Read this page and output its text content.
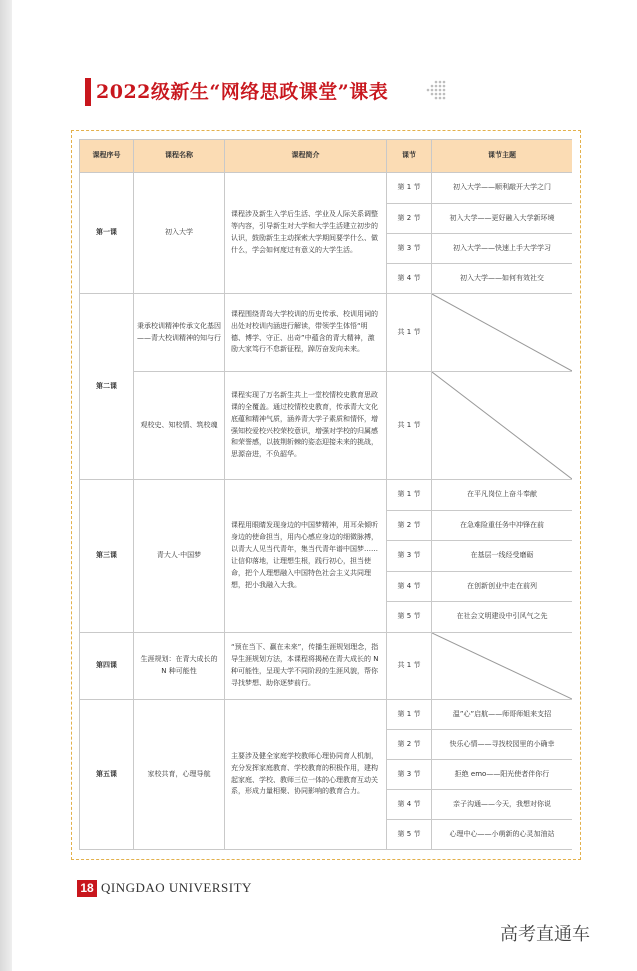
2022级新生“网络思政课堂”课表
课程序号	课程名称	课程简介	课节	课节主题
第一课	初入大学	课程涉及新生入学后生活、学业及人际关系调整等内容，引导新生对大学和大学生活建立初步的认识，鼓励新生主动探索大学期间要学什么、做什么，学会如何度过有意义的大学生活。	第 1 节	初入大学——顺利敲开大学之门
			第 2 节	初入大学——更好融入大学新环境
			第 3 节	初入大学——快速上手大学学习
			第 4 节	初入大学——如何有效社交
第二课	秉承校训精神传承文化基因——青大校训精神的知与行	课程围绕青岛大学校训的历史传承、校训用词的出处对校训内涵进行解读，带领学生体悟“明德、博学、守正、出奇”中蕴含的青大精神，激励大家笃行不怠新征程，踔厉奋发向未来。	共 1 节	

	观校史、知校情、筑校魂	课程实现了万名新生共上一堂校情校史教育思政课的全覆盖。通过校情校史教育，传承青大文化底蕴和精神气质，涵养青大学子素质和情怀，增强知校爱校兴校荣校意识，增强对学校的归属感和荣誉感，以披荆斩棘的姿态迎接未来的挑战，思源奋进，不负韶华。	共 1 节	

第三课	青大人·中国梦	课程用眼睛发现身边的中国梦精神，用耳朵倾听身边的使命担当，用内心感应身边的细微脉搏，以青大人见当代青年，集当代青年谱中国梦……让信仰落地，让理想生根，践行初心，担当使命，把个人理想融入中国特色社会主义共同理想，把小我融入大我。	第 1 节	在平凡岗位上奋斗奉献
			第 2 节	在急难险重任务中冲锋在前
			第 3 节	在基层一线经受磨砺
			第 4 节	在创新创业中走在前列
			第 5 节	在社会文明建设中引风气之先
第四课	生涯规划：在青大成长的 N 种可能性	“预在当下、赢在未来”，传播生涯规划理念，指导生涯规划方法，本课程将揭秘在青大成长的 N 种可能性，呈现大学不同阶段的生涯风貌，帮你寻找梦想、助你逐梦前行。	共 1 节	

第五课	家校共育，心理导航	主要涉及健全家庭学校教师心理协同育人机制，充分发挥家庭教育、学校教育的积极作用，建构起家庭、学校、教师三位一体的心理教育互动关系，形成力量相聚、协同影响的教育合力。	第 1 节	温”心”启航——师哥师姐来支招
			第 2 节	快乐心情——寻找校园里的小确幸
			第 3 节	拒绝 emo——阳光使者伴你行
			第 4 节	亲子沟通——今天，我想对你说
			第 5 节	心理中心——小萌新的心灵加油站
18 QINGDAO UNIVERSITY
高考直通车
